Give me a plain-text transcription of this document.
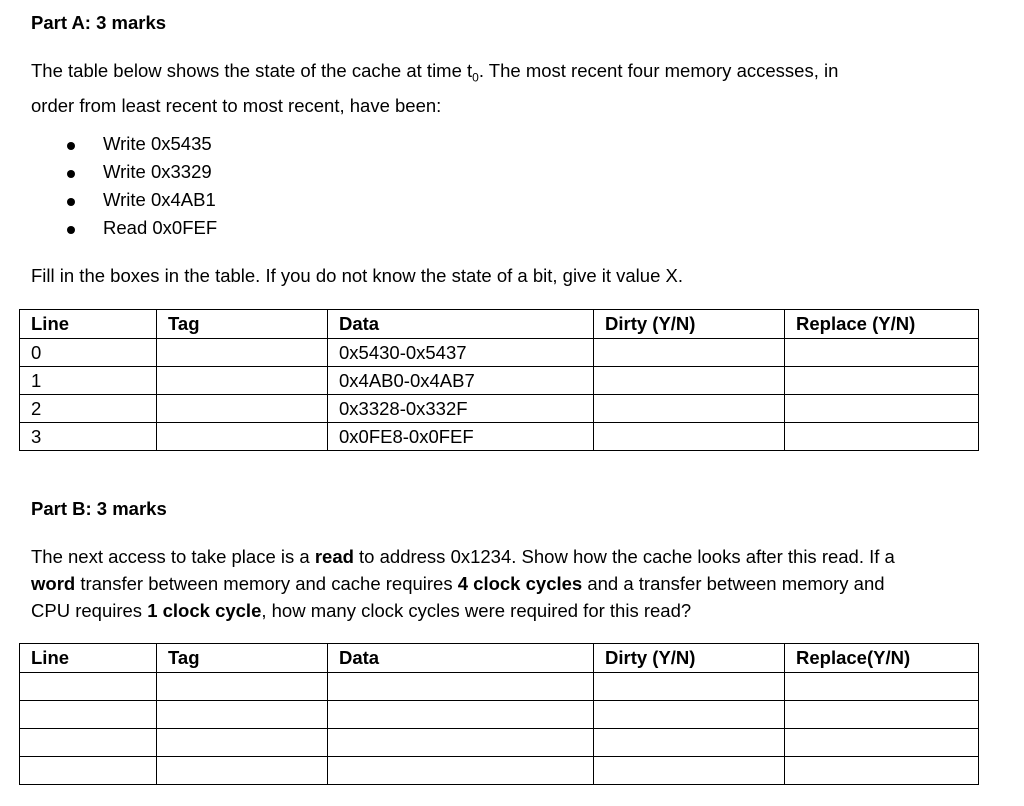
Part A: 3 marks
The table below shows the state of the cache at time $t_0$. The most recent four memory accesses, in
order from least recent to most recent, have been:
Write 0x5435
Write 0x3329
Write 0x4AB1
Read 0x0FEF
Fill in the boxes in the table. If you do not know the state of a bit, give it value X.
Line	Tag	Data	Dirty (Y/N)	Replace (Y/N)
0		0x5430-0x5437		
1		0x4AB0-0x4AB7		
2		0x3328-0x332F		
3		0x0FE8-0x0FEF		
Part B: 3 marks
The next access to take place is a read to address 0x1234. Show how the cache looks after this read. If a
word transfer between memory and cache requires 4 clock cycles and a transfer between memory and
CPU requires 1 clock cycle, how many clock cycles were required for this read?
Line	Tag	Data	Dirty (Y/N)	Replace(Y/N)
